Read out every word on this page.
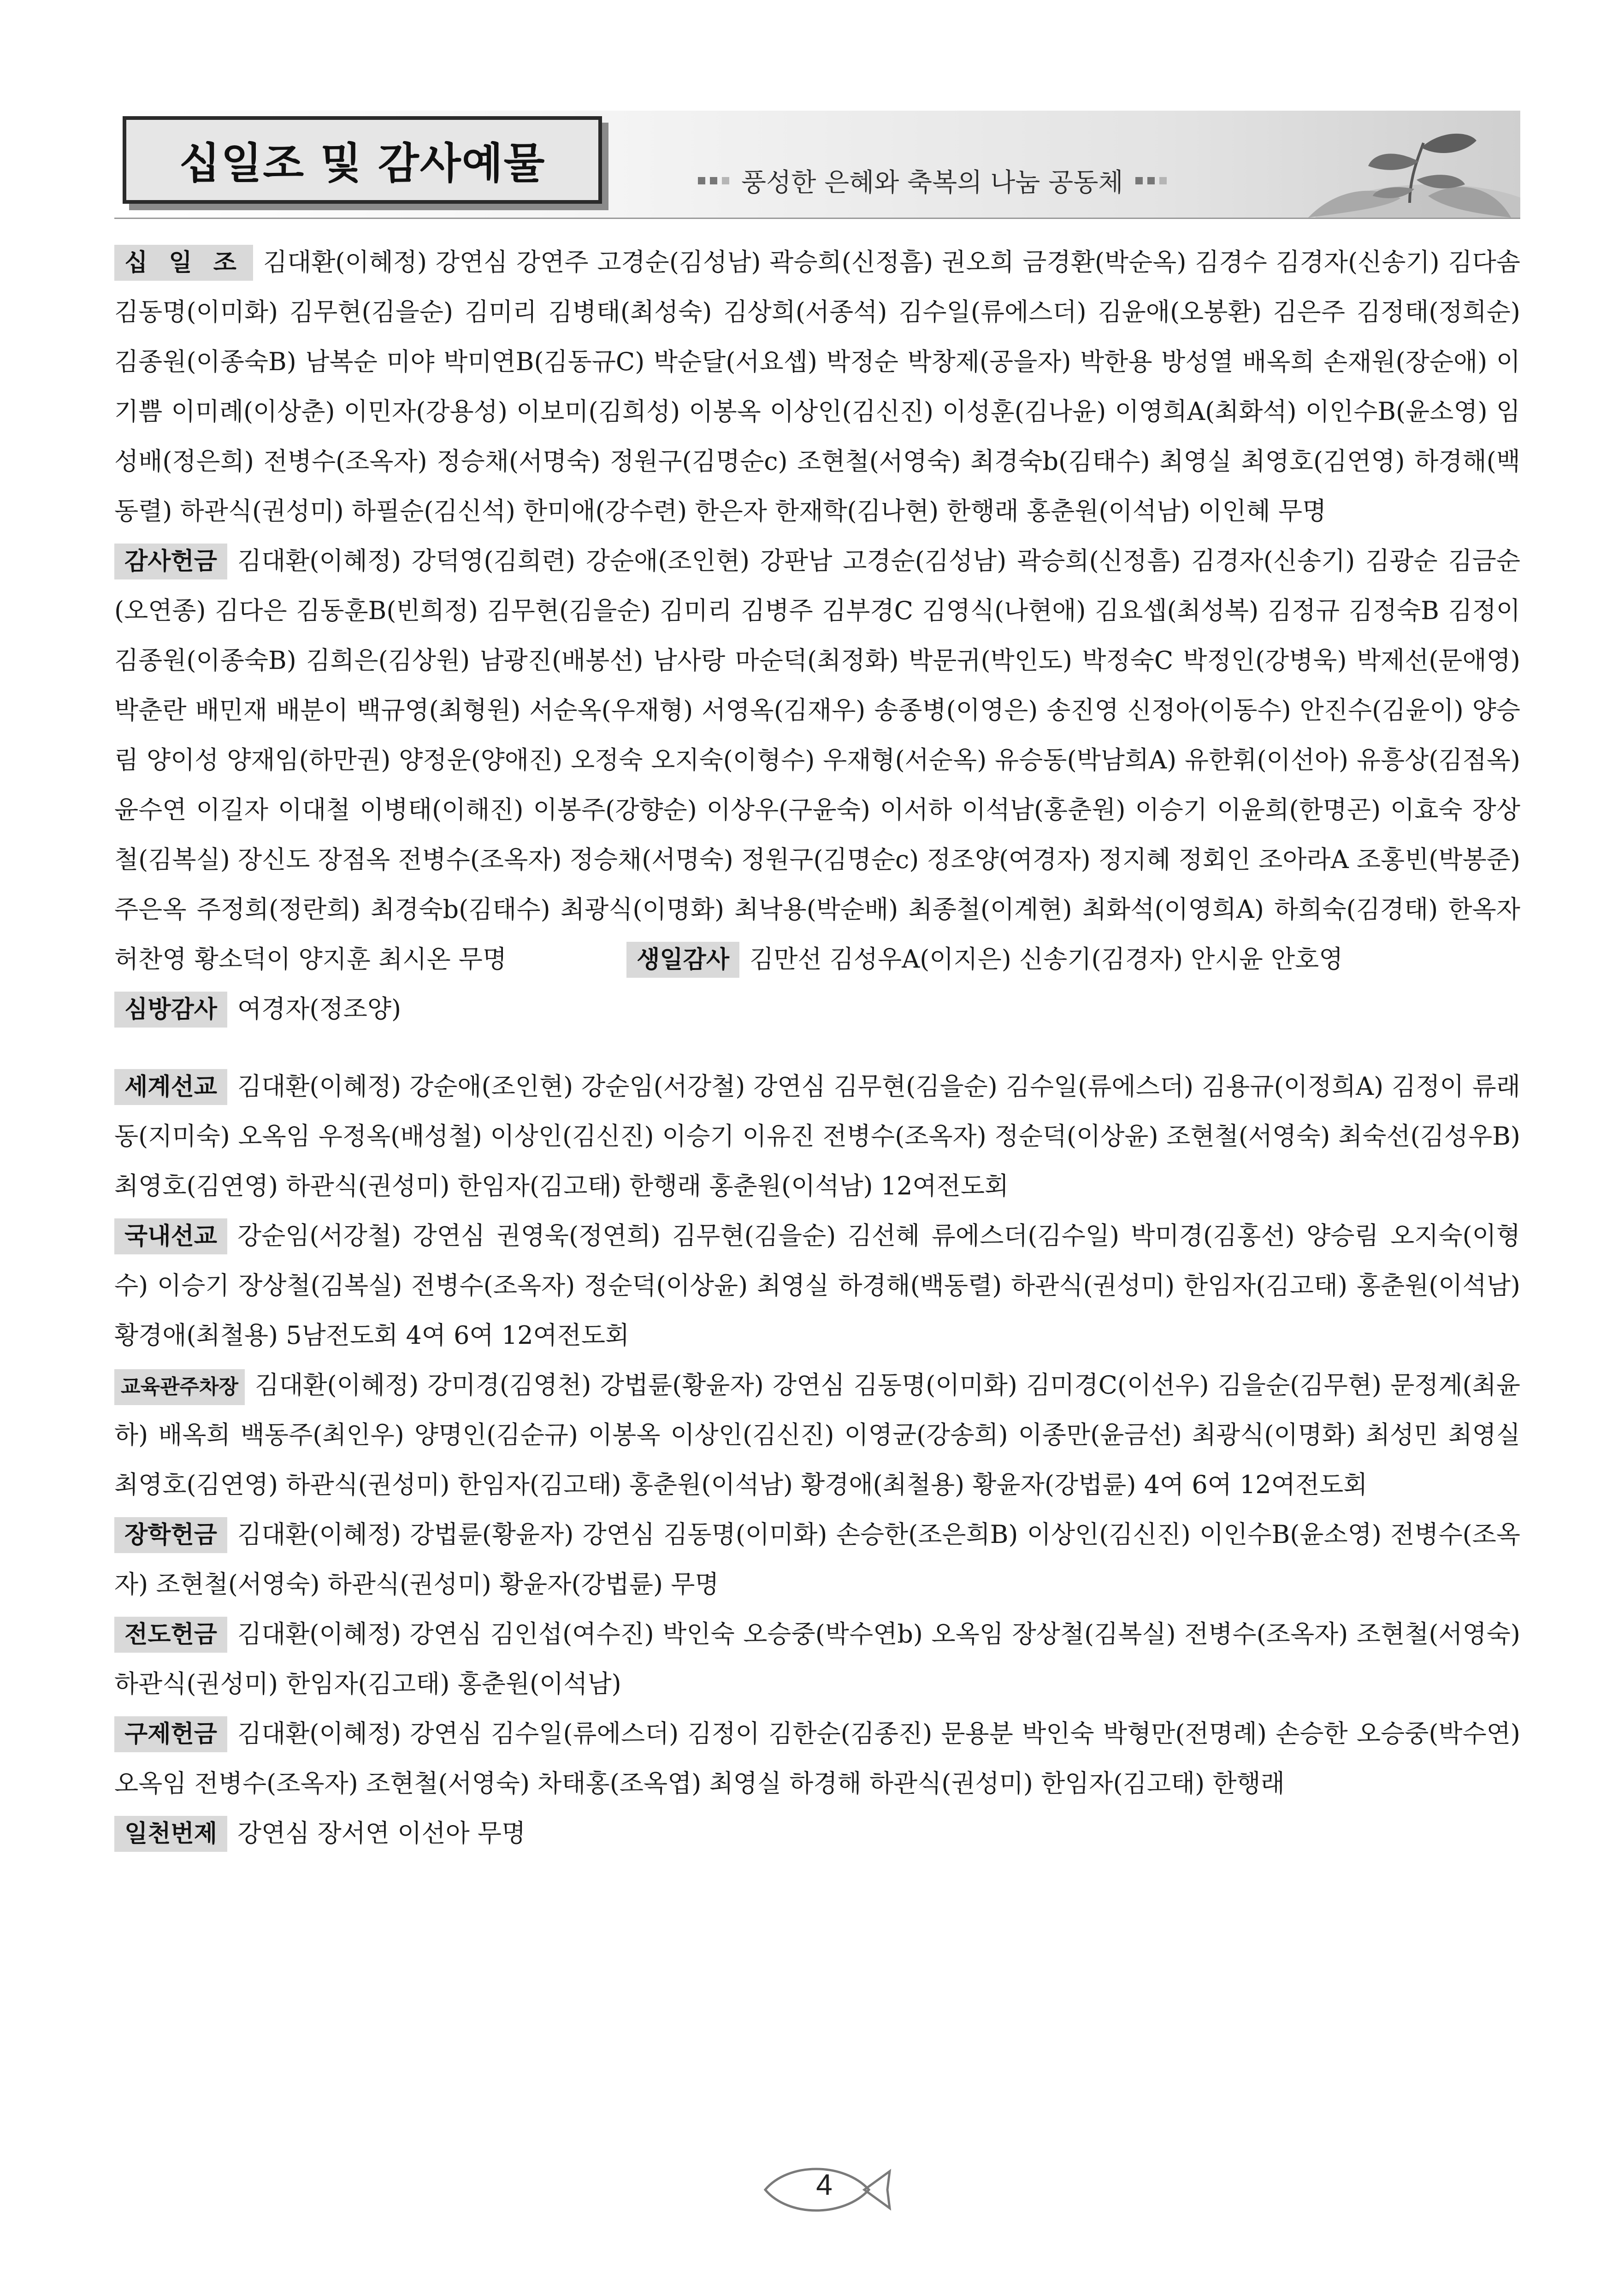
십일조 및 감사예물	풍성한 은혜와 축복의 나눔 공동체
십 일 조 김대환(이혜정) 강연심 강연주 고경순(김성남) 곽승희(신정흠) 권오희 금경환(박순옥) 김경수 김경자(신송기) 김다솜 김동명(이미화) 김무현(김을순) 김미리 김병태(최성숙) 김상희(서종석) 김수일(류에스더) 김윤애(오봉환) 김은주 김정태(정희순) 김종원(이종숙B) 남복순 미야 박미연B(김동규C) 박순달(서요셉) 박정순 박창제(공을자) 박한용 방성열 배옥희 손재원(장순애) 이기쁨 이미례(이상춘) 이민자(강용성) 이보미(김희성) 이봉옥 이상인(김신진) 이성훈(김나윤) 이영희A(최화석) 이인수B(윤소영) 임성배(정은희) 전병수(조옥자) 정승채(서명숙) 정원구(김명순c) 조현철(서영숙) 최경숙b(김태수) 최영실 최영호(김연영) 하경해(백동렬) 하관식(권성미) 하필순(김신석) 한미애(강수련) 한은자 한재학(김나현) 한행래 홍춘원(이석남) 이인혜 무명
감사헌금 김대환(이혜정) 강덕영(김희련) 강순애(조인현) 강판남 고경순(김성남) 곽승희(신정흠) 김경자(신송기) 김광순 김금순(오연종) 김다은 김동훈B(빈희정) 김무현(김을순) 김미리 김병주 김부경C 김영식(나현애) 김요셉(최성복) 김정규 김정숙B 김정이 김종원(이종숙B) 김희은(김상원) 남광진(배봉선) 남사랑 마순덕(최정화) 박문귀(박인도) 박정숙C 박정인(강병욱) 박제선(문애영) 박춘란 배민재 배분이 백규영(최형원) 서순옥(우재형) 서영옥(김재우) 송종병(이영은) 송진영 신정아(이동수) 안진수(김윤이) 양승림 양이성 양재임(하만권) 양정운(양애진) 오정숙 오지숙(이형수) 우재형(서순옥) 유승동(박남희A) 유한휘(이선아) 유흥상(김점옥) 윤수연 이길자 이대철 이병태(이해진) 이봉주(강향순) 이상우(구윤숙) 이서하 이석남(홍춘원) 이승기 이윤희(한명곤) 이효숙 장상철(김복실) 장신도 장점옥 전병수(조옥자) 정승채(서명숙) 정원구(김명순c) 정조양(여경자) 정지혜 정회인 조아라A 조홍빈(박봉준) 주은옥 주정희(정란희) 최경숙b(김태수) 최광식(이명화) 최낙용(박순배) 최종철(이계현) 최화석(이영희A) 하희숙(김경태) 한옥자 허찬영 황소덕이 양지훈 최시온 무명	생일감사 김만선 김성우A(이지은) 신송기(김경자) 안시윤 안호영
심방감사 여경자(정조양)
세계선교 김대환(이혜정) 강순애(조인현) 강순임(서강철) 강연심 김무현(김을순) 김수일(류에스더) 김용규(이정희A) 김정이 류래동(지미숙) 오옥임 우정옥(배성철) 이상인(김신진) 이승기 이유진 전병수(조옥자) 정순덕(이상윤) 조현철(서영숙) 최숙선(김성우B) 최영호(김연영) 하관식(권성미) 한임자(김고태) 한행래 홍춘원(이석남) 12여전도회
국내선교 강순임(서강철) 강연심 권영욱(정연희) 김무현(김을순) 김선혜 류에스더(김수일) 박미경(김홍선) 양승림 오지숙(이형수) 이승기 장상철(김복실) 전병수(조옥자) 정순덕(이상윤) 최영실 하경해(백동렬) 하관식(권성미) 한임자(김고태) 홍춘원(이석남) 황경애(최철용) 5남전도회 4여 6여 12여전도회
교육관주차장 김대환(이혜정) 강미경(김영천) 강법륜(황윤자) 강연심 김동명(이미화) 김미경C(이선우) 김을순(김무현) 문정계(최윤하) 배옥희 백동주(최인우) 양명인(김순규) 이봉옥 이상인(김신진) 이영균(강송희) 이종만(윤금선) 최광식(이명화) 최성민 최영실 최영호(김연영) 하관식(권성미) 한임자(김고태) 홍춘원(이석남) 황경애(최철용) 황윤자(강법륜) 4여 6여 12여전도회
장학헌금 김대환(이혜정) 강법륜(황윤자) 강연심 김동명(이미화) 손승한(조은희B) 이상인(김신진) 이인수B(윤소영) 전병수(조옥자) 조현철(서영숙) 하관식(권성미) 황윤자(강법륜) 무명
전도헌금 김대환(이혜정) 강연심 김인섭(여수진) 박인숙 오승중(박수연b) 오옥임 장상철(김복실) 전병수(조옥자) 조현철(서영숙) 하관식(권성미) 한임자(김고태) 홍춘원(이석남)
구제헌금 김대환(이혜정) 강연심 김수일(류에스더) 김정이 김한순(김종진) 문용분 박인숙 박형만(전명례) 손승한 오승중(박수연) 오옥임 전병수(조옥자) 조현철(서영숙) 차태홍(조옥엽) 최영실 하경해 하관식(권성미) 한임자(김고태) 한행래
일천번제 강연심 장서연 이선아 무명
4
